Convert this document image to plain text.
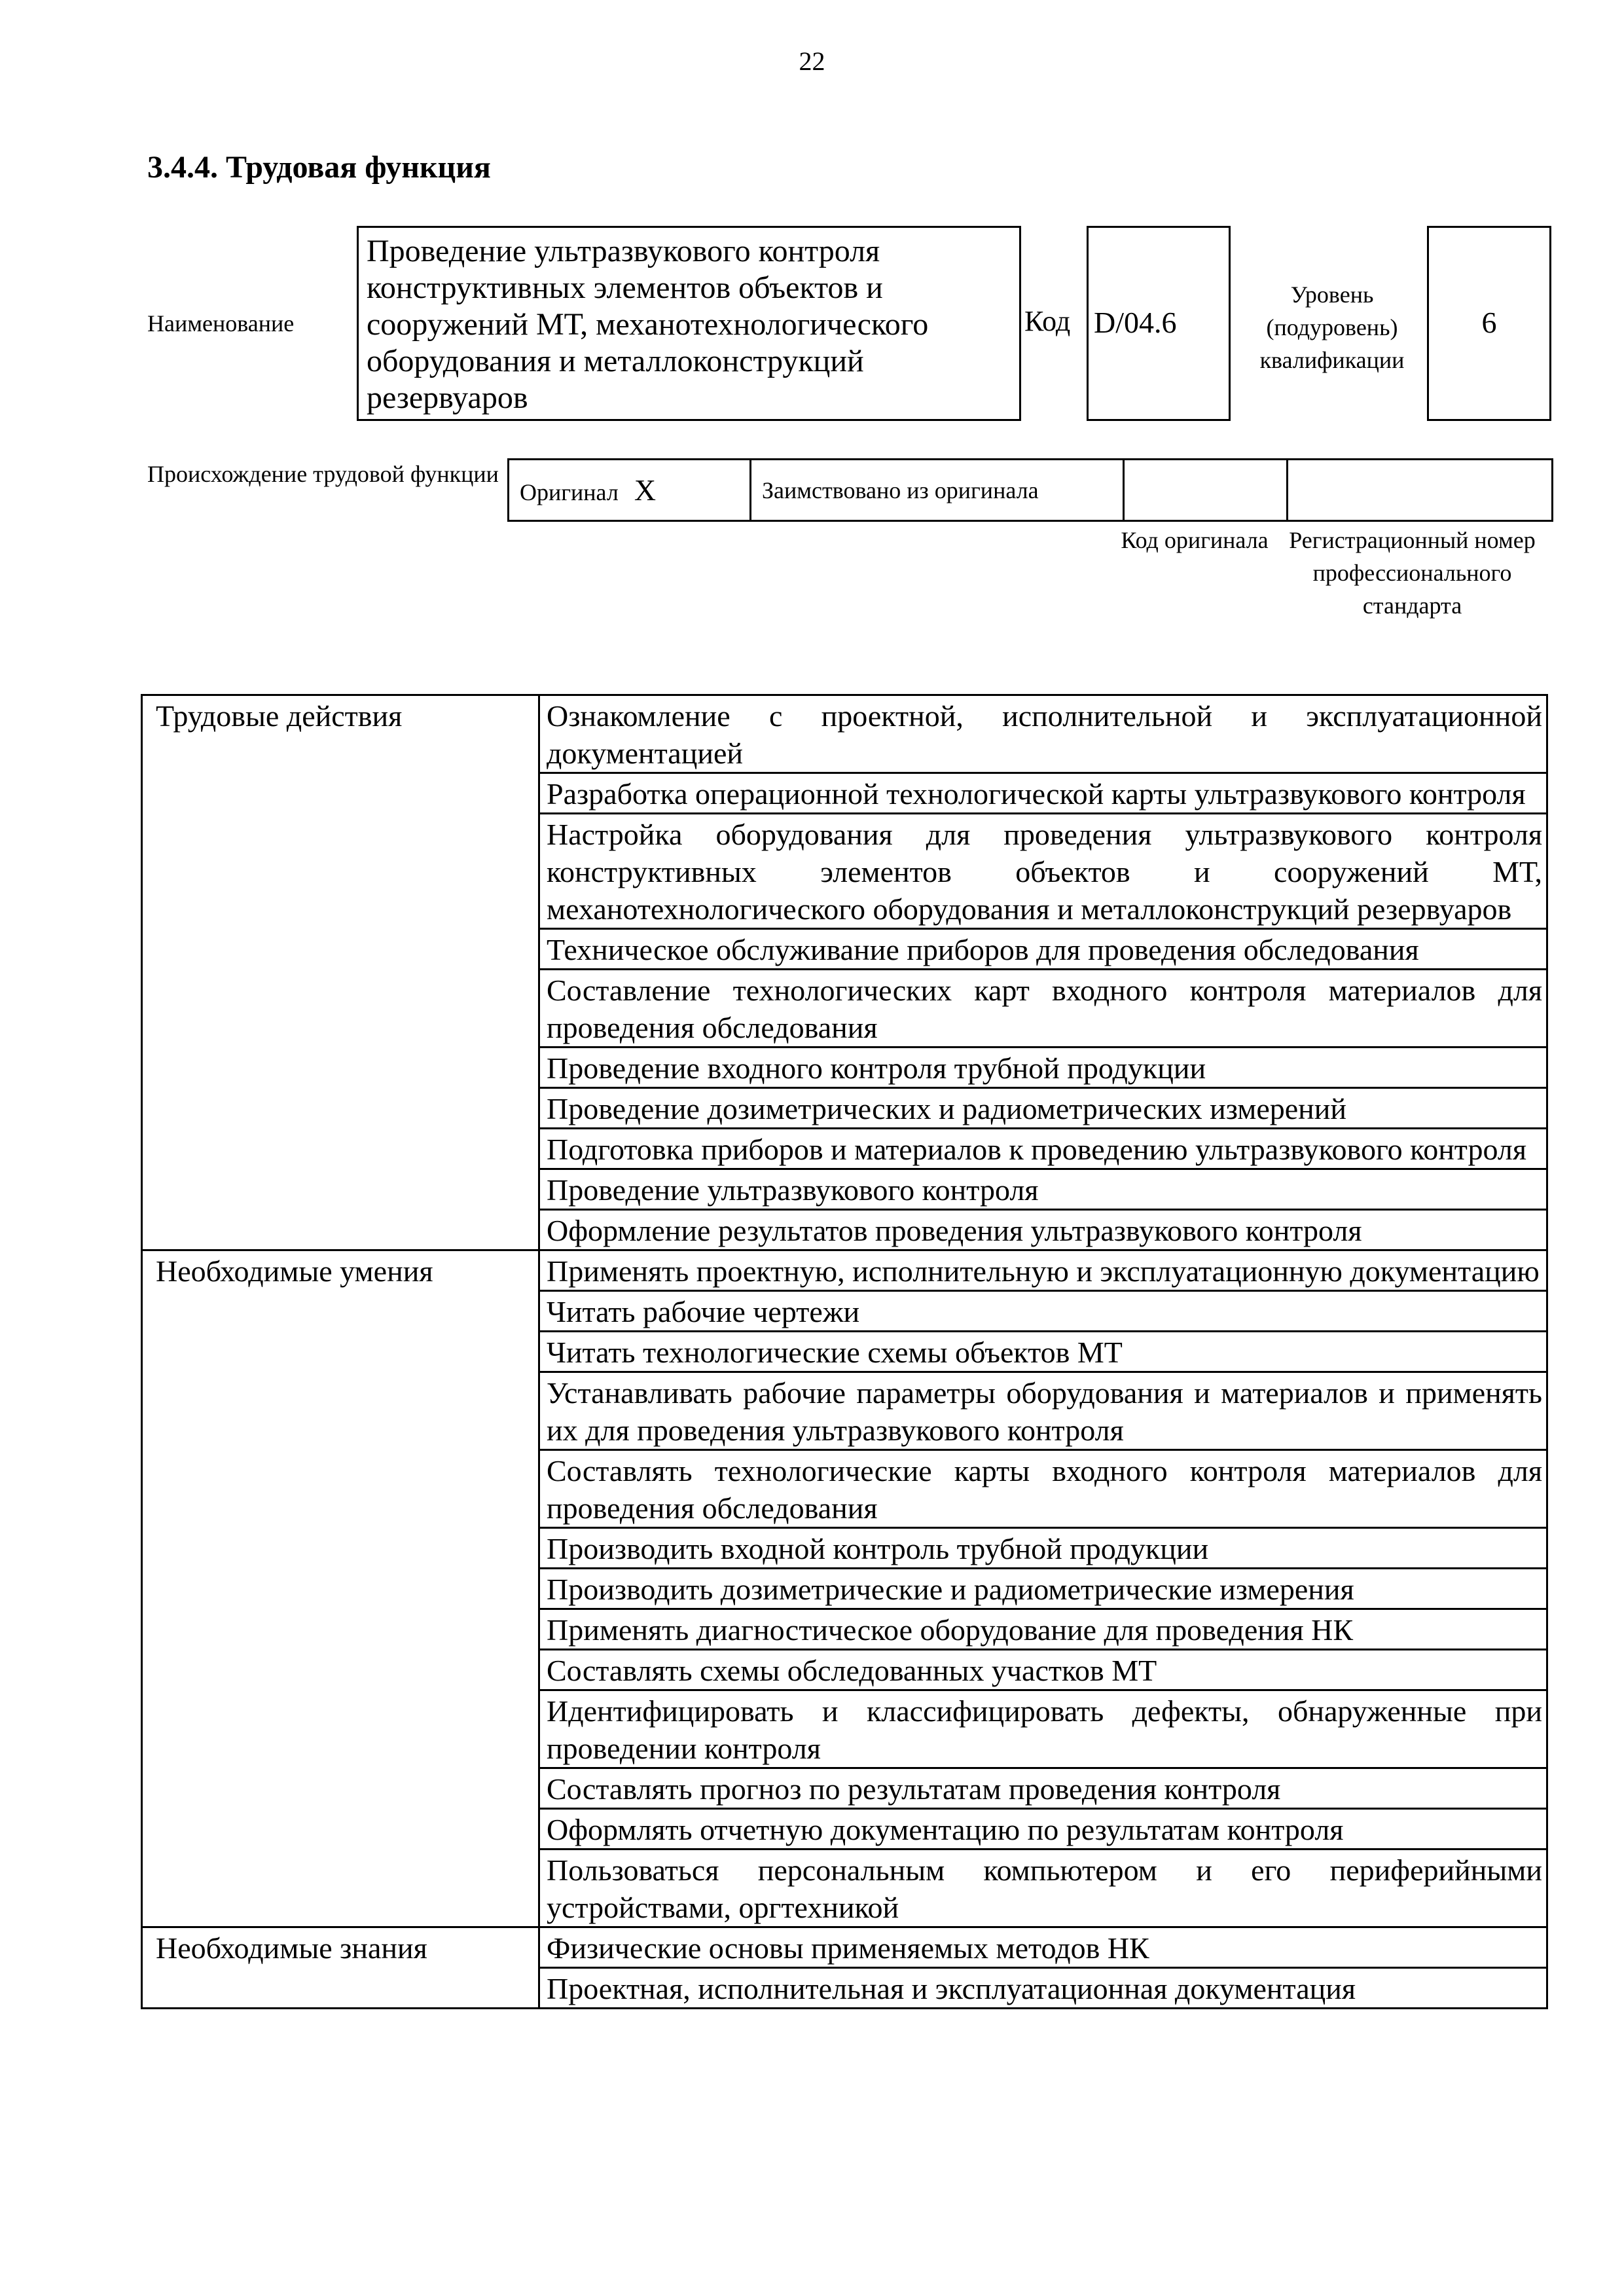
22
3.4.4. Трудовая функция
Наименование
Проведение ультразвукового контроля конструктивных элементов объектов и сооружений МТ, механотехнологического оборудования и металлоконструкций резервуаров
Код D/04.6
Уровень (подуровень) квалификации
6
Происхождение трудовой функции
Оригинал X	Заимствовано из оригинала		
Код оригинала Регистрационный номер профессионального стандарта
Трудовые действия	Ознакомление с проектной, исполнительной и эксплуатационной документацией
	Разработка операционной технологической карты ультразвукового контроля
	Настройка оборудования для проведения ультразвукового контроля конструктивных элементов объектов и сооружений МТ, механотехнологического оборудования и металлоконструкций резервуаров
	Техническое обслуживание приборов для проведения обследования
	Составление технологических карт входного контроля материалов для проведения обследования
	Проведение входного контроля трубной продукции
	Проведение дозиметрических и радиометрических измерений
	Подготовка приборов и материалов к проведению ультразвукового контроля
	Проведение ультразвукового контроля
	Оформление результатов проведения ультразвукового контроля
Необходимые умения	Применять проектную, исполнительную и эксплуатационную документацию
	Читать рабочие чертежи
	Читать технологические схемы объектов МТ
	Устанавливать рабочие параметры оборудования и материалов и применять их для проведения ультразвукового контроля
	Составлять технологические карты входного контроля материалов для проведения обследования
	Производить входной контроль трубной продукции
	Производить дозиметрические и радиометрические измерения
	Применять диагностическое оборудование для проведения НК
	Составлять схемы обследованных участков МТ
	Идентифицировать и классифицировать дефекты, обнаруженные при проведении контроля
	Составлять прогноз по результатам проведения контроля
	Оформлять отчетную документацию по результатам контроля
	Пользоваться персональным компьютером и его периферийными устройствами, оргтехникой
Необходимые знания	Физические основы применяемых методов НК
	Проектная, исполнительная и эксплуатационная документация
